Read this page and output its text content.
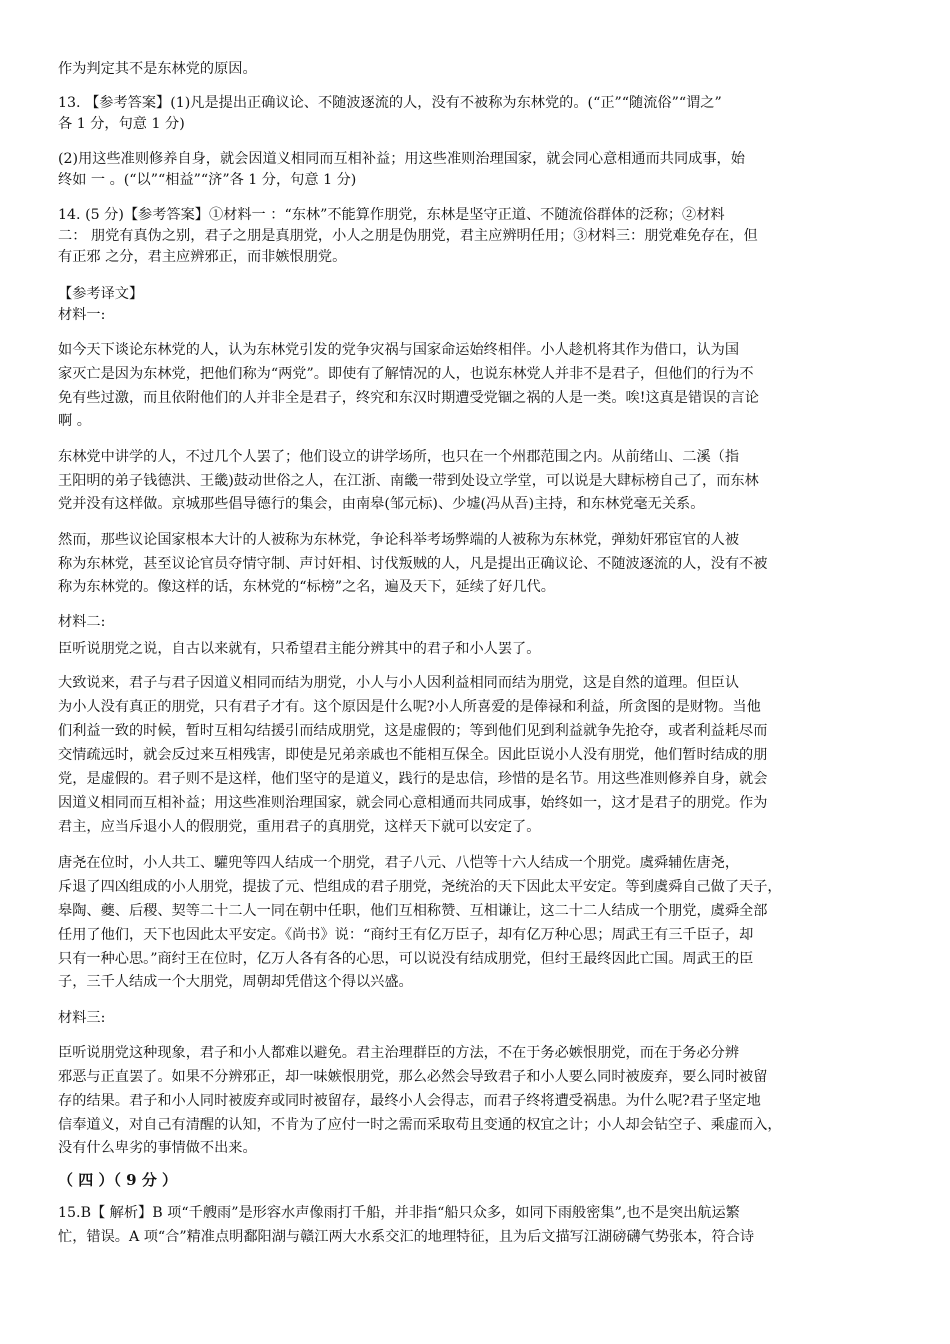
作为判定其不是东林党的原因。
13. 【参考答案】(1)凡是提出正确议论、不随波逐流的人，没有不被称为东林党的。(“正”“随流俗”“谓之”
各 1 分，句意 1 分)
(2)用这些准则修养自身，就会因道义相同而互相补益；用这些准则治理国家，就会同心意相通而共同成事，始
终如 一 。(“以”“相益”“济”各 1 分，句意 1 分)
14. (5 分)【参考答案】①材料一 ：“东林”不能算作朋党，东林是坚守正道、不随流俗群体的泛称；②材料
二： 朋党有真伪之别，君子之朋是真朋党，小人之朋是伪朋党，君主应辨明任用；③材料三：朋党难免存在，但
有正邪 之分，君主应辨邪正，而非嫉恨朋党。
【参考译文】
材料一:
如今天下谈论东林党的人，认为东林党引发的党争灾祸与国家命运始终相伴。小人趁机将其作为借口，认为国
家灭亡是因为东林党，把他们称为“两党”。即使有了解情况的人，也说东林党人并非不是君子，但他们的行为不
免有些过激，而且依附他们的人并非全是君子，终究和东汉时期遭受党锢之祸的人是一类。唉!这真是错误的言论
啊 。
东林党中讲学的人，不过几个人罢了；他们设立的讲学场所，也只在一个州郡范围之内。从前绪山、二溪（指
王阳明的弟子钱德洪、王畿)鼓动世俗之人，在江浙、南畿一带到处设立学堂，可以说是大肆标榜自己了，而东林
党并没有这样做。京城那些倡导德行的集会，由南皋(邹元标)、少墟(冯从吾)主持，和东林党毫无关系。
然而，那些议论国家根本大计的人被称为东林党，争论科举考场弊端的人被称为东林党，弹劾奸邪宦官的人被
称为东林党，甚至议论官员夺情守制、声讨奸相、讨伐叛贼的人，凡是提出正确议论、不随波逐流的人，没有不被
称为东林党的。像这样的话，东林党的“标榜”之名，遍及天下，延续了好几代。
材料二:
臣听说朋党之说，自古以来就有，只希望君主能分辨其中的君子和小人罢了。
大致说来，君子与君子因道义相同而结为朋党，小人与小人因利益相同而结为朋党，这是自然的道理。但臣认
为小人没有真正的朋党，只有君子才有。这个原因是什么呢?小人所喜爱的是俸禄和利益，所贪图的是财物。当他
们利益一致的时候，暂时互相勾结援引而结成朋党，这是虚假的；等到他们见到利益就争先抢夺，或者利益耗尽而
交情疏远时，就会反过来互相残害，即使是兄弟亲戚也不能相互保全。因此臣说小人没有朋党，他们暂时结成的朋
党，是虚假的。君子则不是这样，他们坚守的是道义，践行的是忠信，珍惜的是名节。用这些准则修养自身，就会
因道义相同而互相补益；用这些准则治理国家，就会同心意相通而共同成事，始终如一，这才是君子的朋党。作为
君主，应当斥退小人的假朋党，重用君子的真朋党，这样天下就可以安定了。
唐尧在位时，小人共工、驩兜等四人结成一个朋党，君子八元、八恺等十六人结成一个朋党。虞舜辅佐唐尧，
斥退了四凶组成的小人朋党，提拔了元、恺组成的君子朋党，尧统治的天下因此太平安定。等到虞舜自己做了天子，
皋陶、夔、后稷、契等二十二人一同在朝中任职，他们互相称赞、互相谦让，这二十二人结成一个朋党，虞舜全部
任用了他们，天下也因此太平安定。《尚书》说：“商纣王有亿万臣子，却有亿万种心思；周武王有三千臣子，却
只有一种心思。”商纣王在位时，亿万人各有各的心思，可以说没有结成朋党，但纣王最终因此亡国。周武王的臣
子，三千人结成一个大朋党，周朝却凭借这个得以兴盛。
材料三:
臣听说朋党这种现象，君子和小人都难以避免。君主治理群臣的方法，不在于务必嫉恨朋党，而在于务必分辨
邪恶与正直罢了。如果不分辨邪正，却一味嫉恨朋党，那么必然会导致君子和小人要么同时被废弃，要么同时被留
存的结果。君子和小人同时被废弃或同时被留存，最终小人会得志，而君子终将遭受祸患。为什么呢?君子坚定地
信奉道义，对自己有清醒的认知，不肯为了应付一时之需而采取苟且变通的权宜之计；小人却会钻空子、乘虚而入，
没有什么卑劣的事情做不出来。
15.B【 解析】B 项“千艘雨”是形容水声像雨打千船，并非指“船只众多，如同下雨般密集”,也不是突出航运繁
忙，错误。A 项“合”精准点明鄱阳湖与赣江两大水系交汇的地理特征，且为后文描写江湖磅礴气势张本，符合诗
（ 四 ）（ 9 分 ）
